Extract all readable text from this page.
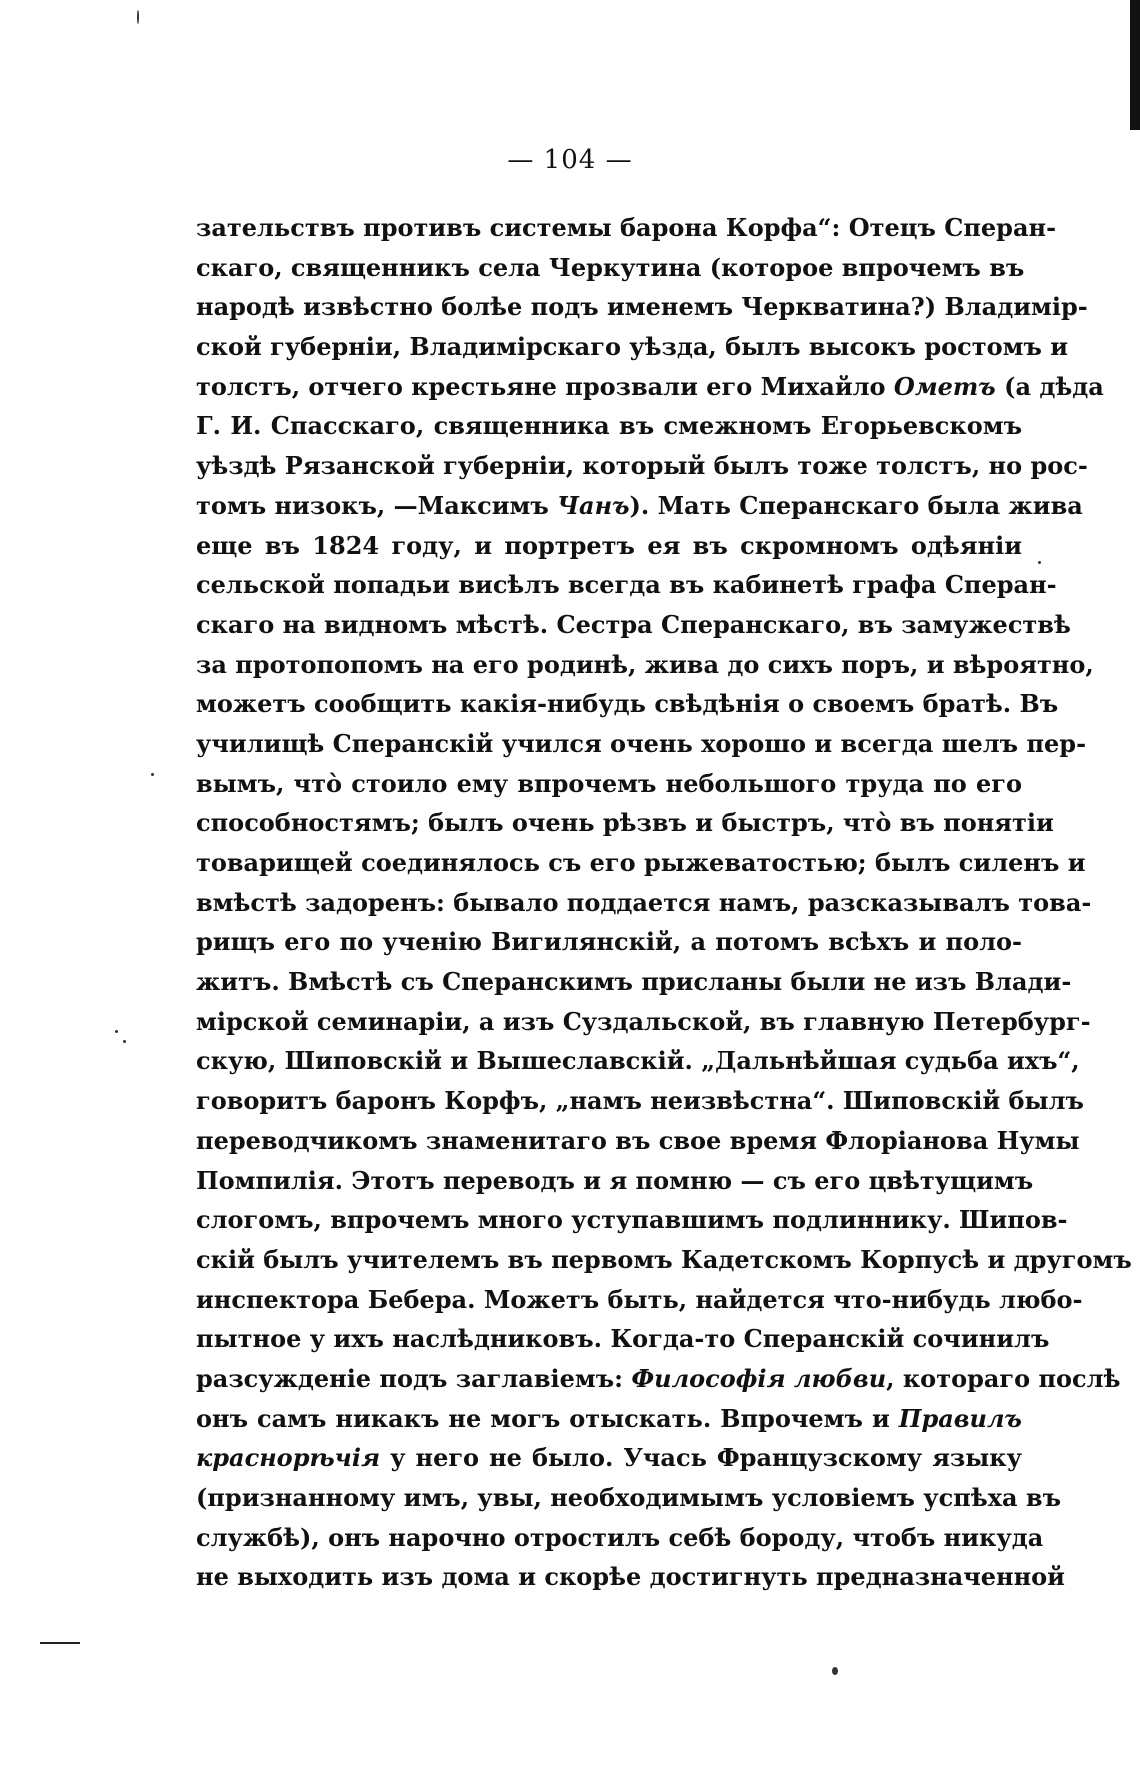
— 104 —
зательствъ противъ системы барона Корфа“: Отецъ Сперан-
скаго, священникъ села Черкутина (которое впрочемъ въ
народѣ извѣстно болѣе подъ именемъ Черкватина?) Владимір-
ской губерніи, Владимірскаго уѣзда, былъ высокъ ростомъ и
толстъ, отчего крестьяне прозвали его Михайло Ометъ (а дѣда
Г. И. Спасскаго, священника въ смежномъ Егорьевскомъ
уѣздѣ Рязанской губерніи, который былъ тоже толстъ, но рос-
томъ низокъ, —Максимъ Чанъ). Мать Сперанскаго была жива
еще въ 1824 году, и портретъ ея въ скромномъ одѣяніи
сельской попадьи висѣлъ всегда въ кабинетѣ графа Сперан-
скаго на видномъ мѣстѣ. Сестра Сперанскаго, въ замужествѣ
за протопопомъ на его родинѣ, жива до сихъ поръ, и вѣроятно,
можетъ сообщить какія-нибудь свѣдѣнія о своемъ братѣ. Въ
училищѣ Сперанскій учился очень хорошо и всегда шелъ пер-
вымъ, что̀ стоило ему впрочемъ небольшого труда по его
способностямъ; былъ очень рѣзвъ и быстръ, что̀ въ понятіи
товарищей соединялось съ его рыжеватостью; былъ силенъ и
вмѣстѣ задоренъ: бывало поддается намъ, разсказывалъ това-
рищъ его по ученію Вигилянскій, а потомъ всѣхъ и поло-
житъ. Вмѣстѣ съ Сперанскимъ присланы были не изъ Влади-
мірской семинаріи, а изъ Суздальской, въ главную Петербург-
скую, Шиповскій и Вышеславскій. „Дальнѣйшая судьба ихъ“,
говоритъ баронъ Корфъ, „намъ неизвѣстна“. Шиповскій былъ
переводчикомъ знаменитаго въ свое время Флоріанова Нумы
Помпилія. Этотъ переводъ и я помню — съ его цвѣтущимъ
слогомъ, впрочемъ много уступавшимъ подлиннику. Шипов-
скій былъ учителемъ въ первомъ Кадетскомъ Корпусѣ и другомъ
инспектора Бебера. Можетъ быть, найдется что-нибудь любо-
пытное у ихъ наслѣдниковъ. Когда-то Сперанскій сочинилъ
разсужденіе подъ заглавіемъ: Философія любви, котораго послѣ
онъ самъ никакъ не могъ отыскать. Впрочемъ и Правилъ
краснорѣчія у него не было. Учась Французскому языку
(признанному имъ, увы, необходимымъ условіемъ успѣха въ
службѣ), онъ нарочно отростилъ себѣ бороду, чтобъ никуда
не выходить изъ дома и скорѣе достигнуть предназначенной
